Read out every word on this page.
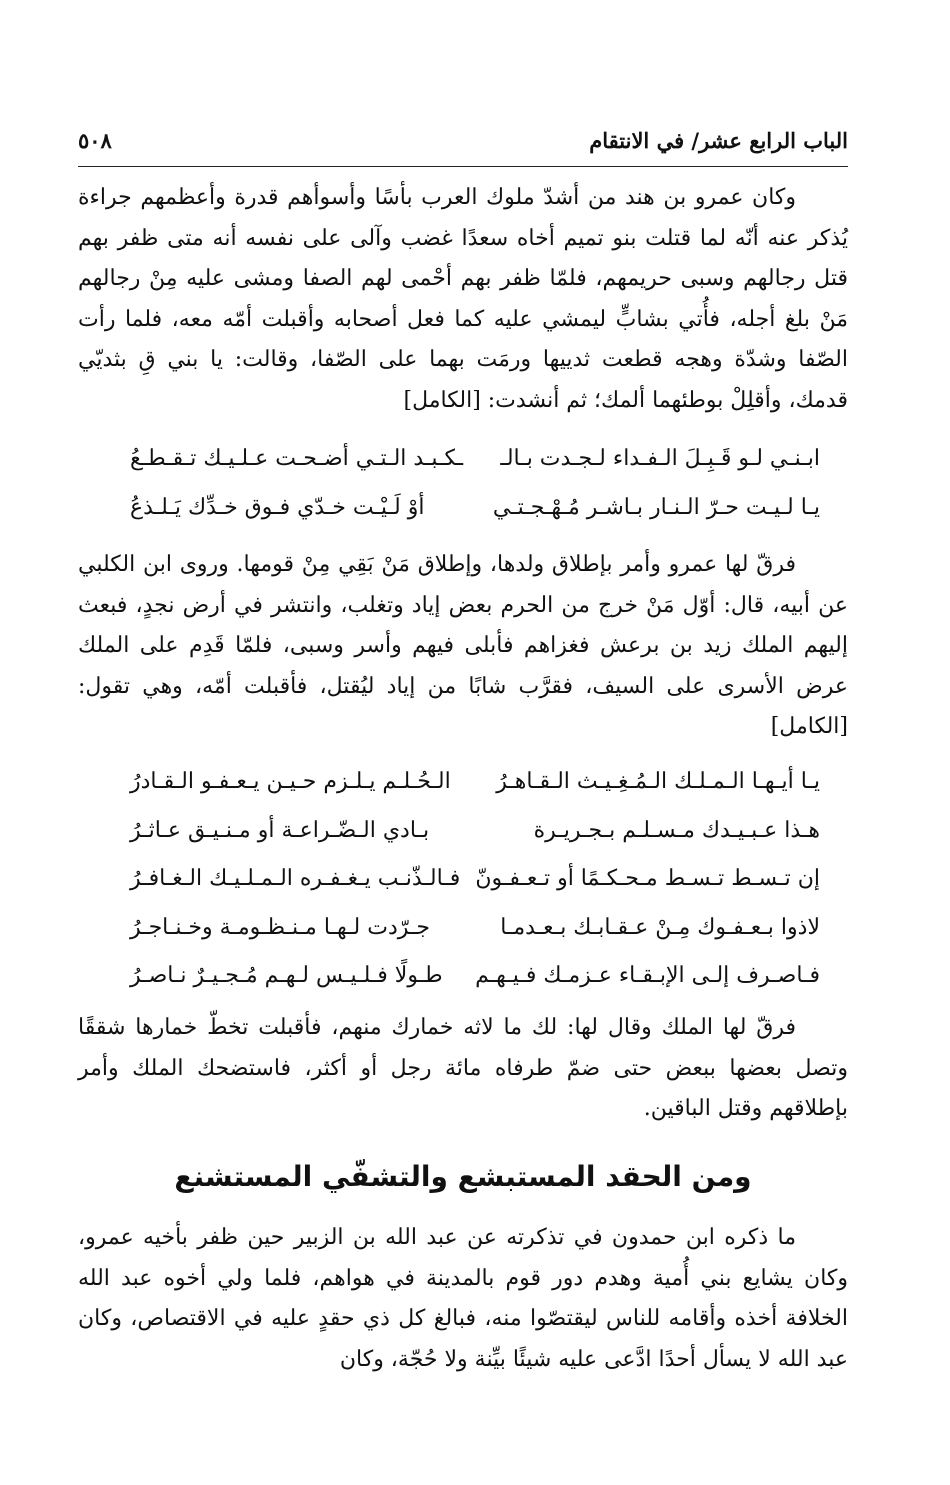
الباب الرابع عشر/ في الانتقام
٥٠٨

وكان عمرو بن هند من أشدّ ملوك العرب بأسًا وأسوأهم قدرة وأعظمهم جراءة يُذكر عنه أنّه لما قتلت بنو تميم أخاه سعدًا غضب وآلى على نفسه أنه متى ظفر بهم قتل رجالهم وسبى حريمهم، فلمّا ظفر بهم أحْمى لهم الصفا ومشى عليه مِنْ رجالهم مَنْ بلغ أجله، فأُتي بشابٍّ ليمشي عليه كما فعل أصحابه وأقبلت أمّه معه، فلما رأت الصّفا وشدّة وهجه قطعت ثدييها ورمَت بهما على الصّفا، وقالت: يا بني قِ بثديّي قدمك، وأقلِلْ بوطئهما ألمك؛ ثم أنشدت: [الكامل]

ابـنـي لـو قَـبِـلَ الـفـداء لـجـدت بـالـ
ـكـبـد الـتـي أضـحـت عـلـيـك تـقـطـعُ
يـا لـيـت حـرّ الـنـار بـاشـر مُـهْـجـتـي
أوْ لَـيْـت خـدّي فـوق خـدِّك يَـلـذعُ

فرقّ لها عمرو وأمر بإطلاق ولدها، وإطلاق مَنْ بَقِي مِنْ قومها. وروى ابن الكلبي عن أبيه، قال: أوّل مَنْ خرج من الحرم بعض إياد وتغلب، وانتشر في أرض نجدٍ، فبعث إليهم الملك زيد بن برعش فغزاهم فأبلى فيهم وأسر وسبى، فلمّا قَدِم على الملك عرض الأسرى على السيف، فقرَّب شابًا من إياد ليُقتل، فأقبلت أمّه، وهي تقول: [الكامل]

يـا أيـهـا الـمـلـك الـمُـغِـيـث الـقـاهـرُ
الـحُـلـم يـلـزم حـيـن يـعـفـو الـقـادرُ
هـذا عـبـيـدك مـسـلـم بـجـريـرة
بـادي الـضّـراعـة أو مـنـيـق عـاثـرُ
إن تـسـط تـسـط مـحـكـمًا أو تـعـفـونّ
فـالـذّنـب يـغـفـره الـمـلـيـك الـغـافـرُ
لاذوا بـعـفـوك مِـنْ عـقـابـك بـعـدمـا
جـرّدت لـهـا مـنـظـومـة وخـنـاجـرُ
فـاصـرف إلـى الإبـقـاء عـزمـك فـيـهـم
طـولًا فـلـيـس لـهـم مُـجـيـرٌ نـاصـرُ

فرقّ لها الملك وقال لها: لك ما لاثه خمارك منهم، فأقبلت تخطّ خمارها شققًا وتصل بعضها ببعض حتى ضمّ طرفاه مائة رجل أو أكثر، فاستضحك الملك وأمر بإطلاقهم وقتل الباقين.

ومن الحقد المستبشع والتشفّي المستشنع

ما ذكره ابن حمدون في تذكرته عن عبد الله بن الزبير حين ظفر بأخيه عمرو، وكان يشايع بني أُمية وهدم دور قوم بالمدينة في هواهم، فلما ولي أخوه عبد الله الخلافة أخذه وأقامه للناس ليقتصّوا منه، فبالغ كل ذي حقدٍ عليه في الاقتصاص، وكان عبد الله لا يسأل أحدًا ادَّعى عليه شيئًا بيِّنة ولا حُجّة، وكان
